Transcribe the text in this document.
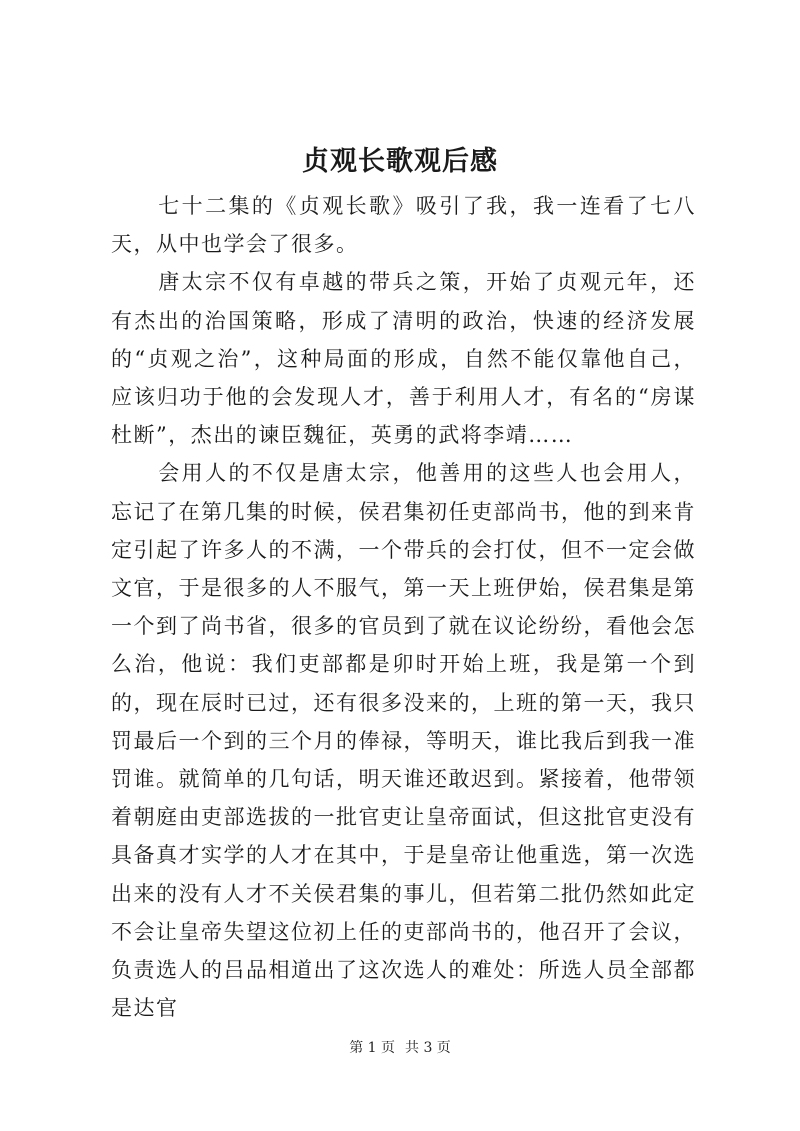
贞观长歌观后感

七十二集的《贞观长歌》吸引了我，我一连看了七八天，从中也学会了很多。

唐太宗不仅有卓越的带兵之策，开始了贞观元年，还有杰出的治国策略，形成了清明的政治，快速的经济发展的“贞观之治”，这种局面的形成，自然不能仅靠他自己，应该归功于他的会发现人才，善于利用人才，有名的“房谋杜断”，杰出的谏臣魏征，英勇的武将李靖……

会用人的不仅是唐太宗，他善用的这些人也会用人，忘记了在第几集的时候，侯君集初任吏部尚书，他的到来肯定引起了许多人的不满，一个带兵的会打仗，但不一定会做文官，于是很多的人不服气，第一天上班伊始，侯君集是第一个到了尚书省，很多的官员到了就在议论纷纷，看他会怎么治，他说：我们吏部都是卯时开始上班，我是第一个到的，现在辰时已过，还有很多没来的，上班的第一天，我只罚最后一个到的三个月的俸禄，等明天，谁比我后到我一准罚谁。就简单的几句话，明天谁还敢迟到。紧接着，他带领着朝庭由吏部选拔的一批官吏让皇帝面试，但这批官吏没有具备真才实学的人才在其中，于是皇帝让他重选，第一次选出来的没有人才不关侯君集的事儿，但若第二批仍然如此定不会让皇帝失望这位初上任的吏部尚书的，他召开了会议，负责选人的吕品相道出了这次选人的难处：所选人员全部都是达官

第 1 页 共 3 页
